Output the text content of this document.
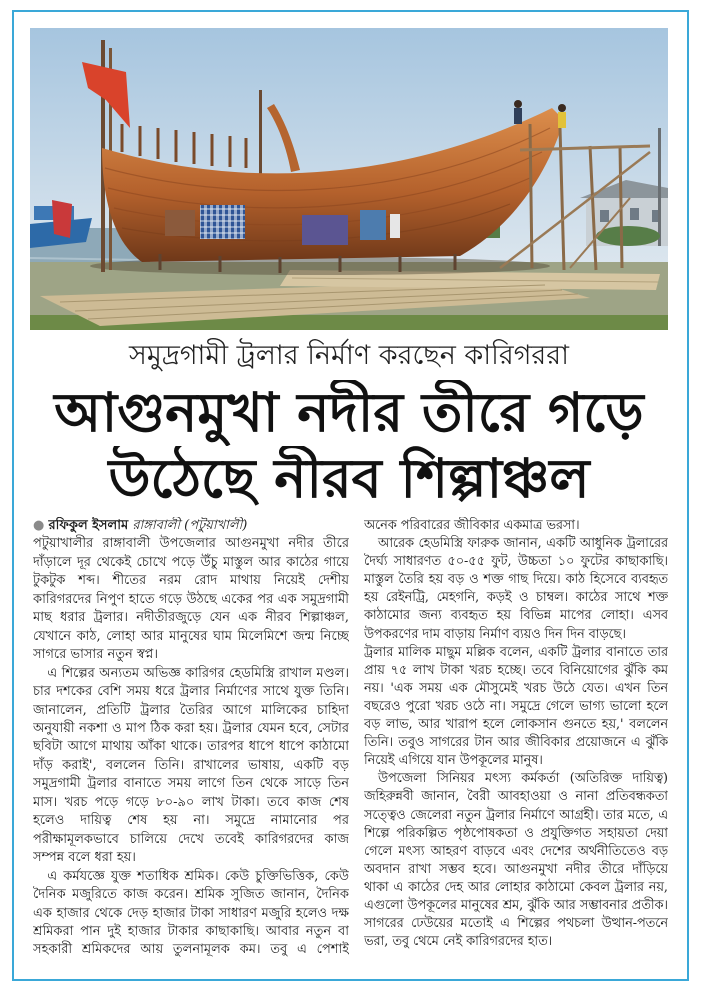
সমুদ্রগামী ট্রলার নির্মাণ করছেন কারিগররা
আগুনমুখা নদীর তীরে গড়ে
উঠেছে নীরব শিল্পাঞ্চল
● রফিকুল ইসলাম রাঙ্গাবালী (পটুয়াখালী)

পটুয়াখালীর রাঙ্গাবালী উপজেলার আগুনমুখা নদীর তীরে দাঁড়ালে দূর থেকেই চোখে পড়ে উঁচু মাস্তুল আর কাঠের গায়ে টুকটুক শব্দ। শীতের নরম রোদ মাথায় নিয়েই দেশীয় কারিগরদের নিপুণ হাতে গড়ে উঠছে একের পর এক সমুদ্রগামী মাছ ধরার ট্রলার। নদীতীরজুড়ে যেন এক নীরব শিল্পাঞ্চল, যেখানে কাঠ, লোহা আর মানুষের ঘাম মিলেমিশে জন্ম নিচ্ছে সাগরে ভাসার নতুন স্বপ্ন।

এ শিল্পের অন্যতম অভিজ্ঞ কারিগর হেডমিস্ত্রি রাখাল মণ্ডল। চার দশকের বেশি সময় ধরে ট্রলার নির্মাণের সাথে যুক্ত তিনি। জানালেন, প্রতিটি ট্রলার তৈরির আগে মালিকের চাহিদা অনুযায়ী নকশা ও মাপ ঠিক করা হয়। ট্রলার যেমন হবে, সেটার ছবিটা আগে মাথায় আঁকা থাকে। তারপর ধাপে ধাপে কাঠামো দাঁড় করাই', বললেন তিনি। রাখালের ভাষায়, একটি বড় সমুদ্রগামী ট্রলার বানাতে সময় লাগে তিন থেকে সাড়ে তিন মাস। খরচ পড়ে গড়ে ৮০-৯০ লাখ টাকা। তবে কাজ শেষ হলেও দায়িত্ব শেষ হয় না। সমুদ্রে নামানোর পর পরীক্ষামূলকভাবে চালিয়ে দেখে তবেই কারিগরদের কাজ সম্পন্ন বলে ধরা হয়।

এ কর্মযজ্ঞে যুক্ত শতাধিক শ্রমিক। কেউ চুক্তিভিত্তিক, কেউ দৈনিক মজুরিতে কাজ করেন। শ্রমিক সুজিত জানান, দৈনিক এক হাজার থেকে দেড় হাজার টাকা সাধারণ মজুরি হলেও দক্ষ শ্রমিকরা পান দুই হাজার টাকার কাছাকাছি। আবার নতুন বা সহকারী শ্রমিকদের আয় তুলনামূলক কম। তবু এ পেশাই

অনেক পরিবারের জীবিকার একমাত্র ভরসা।

আরেক হেডমিস্ত্রি ফারুক জানান, একটি আধুনিক ট্রলারের দৈর্ঘ্য সাধারণত ৫০-৫৫ ফুট, উচ্চতা ১০ ফুটের কাছাকাছি। মাস্তুল তৈরি হয় বড় ও শক্ত গাছ দিয়ে। কাঠ হিসেবে ব্যবহৃত হয় রেইনট্রি, মেহগনি, কড়ই ও চাম্বল। কাঠের সাথে শক্ত কাঠামোর জন্য ব্যবহৃত হয় বিভিন্ন মাপের লোহা। এসব উপকরণের দাম বাড়ায় নির্মাণ ব্যয়ও দিন দিন বাড়ছে।

ট্রলার মালিক মাছুম মল্লিক বলেন, একটি ট্রলার বানাতে তার প্রায় ৭৫ লাখ টাকা খরচ হচ্ছে। তবে বিনিয়োগের ঝুঁকি কম নয়। 'এক সময় এক মৌসুমেই খরচ উঠে যেত। এখন তিন বছরেও পুরো খরচ ওঠে না। সমুদ্রে গেলে ভাগ্য ভালো হলে বড় লাভ, আর খারাপ হলে লোকসান গুনতে হয়,' বললেন তিনি। তবুও সাগরের টান আর জীবিকার প্রয়োজনে এ ঝুঁকি নিয়েই এগিয়ে যান উপকূলের মানুষ।

উপজেলা সিনিয়র মৎস্য কর্মকর্তা (অতিরিক্ত দায়িত্ব) জহিরুন্নবী জানান, বৈরী আবহাওয়া ও নানা প্রতিবন্ধকতা সত্ত্বেও জেলেরা নতুন ট্রলার নির্মাণে আগ্রহী। তার মতে, এ শিল্পে পরিকল্পিত পৃষ্ঠপোষকতা ও প্রযুক্তিগত সহায়তা দেয়া গেলে মৎস্য আহরণ বাড়বে এবং দেশের অর্থনীতিতেও বড় অবদান রাখা সম্ভব হবে। আগুনমুখা নদীর তীরে দাঁড়িয়ে থাকা এ কাঠের দেহ আর লোহার কাঠামো কেবল ট্রলার নয়, এগুলো উপকূলের মানুষের শ্রম, ঝুঁকি আর সম্ভাবনার প্রতীক। সাগরের ঢেউয়ের মতোই এ শিল্পের পথচলা উত্থান-পতনে ভরা, তবু থেমে নেই কারিগরদের হাত।
